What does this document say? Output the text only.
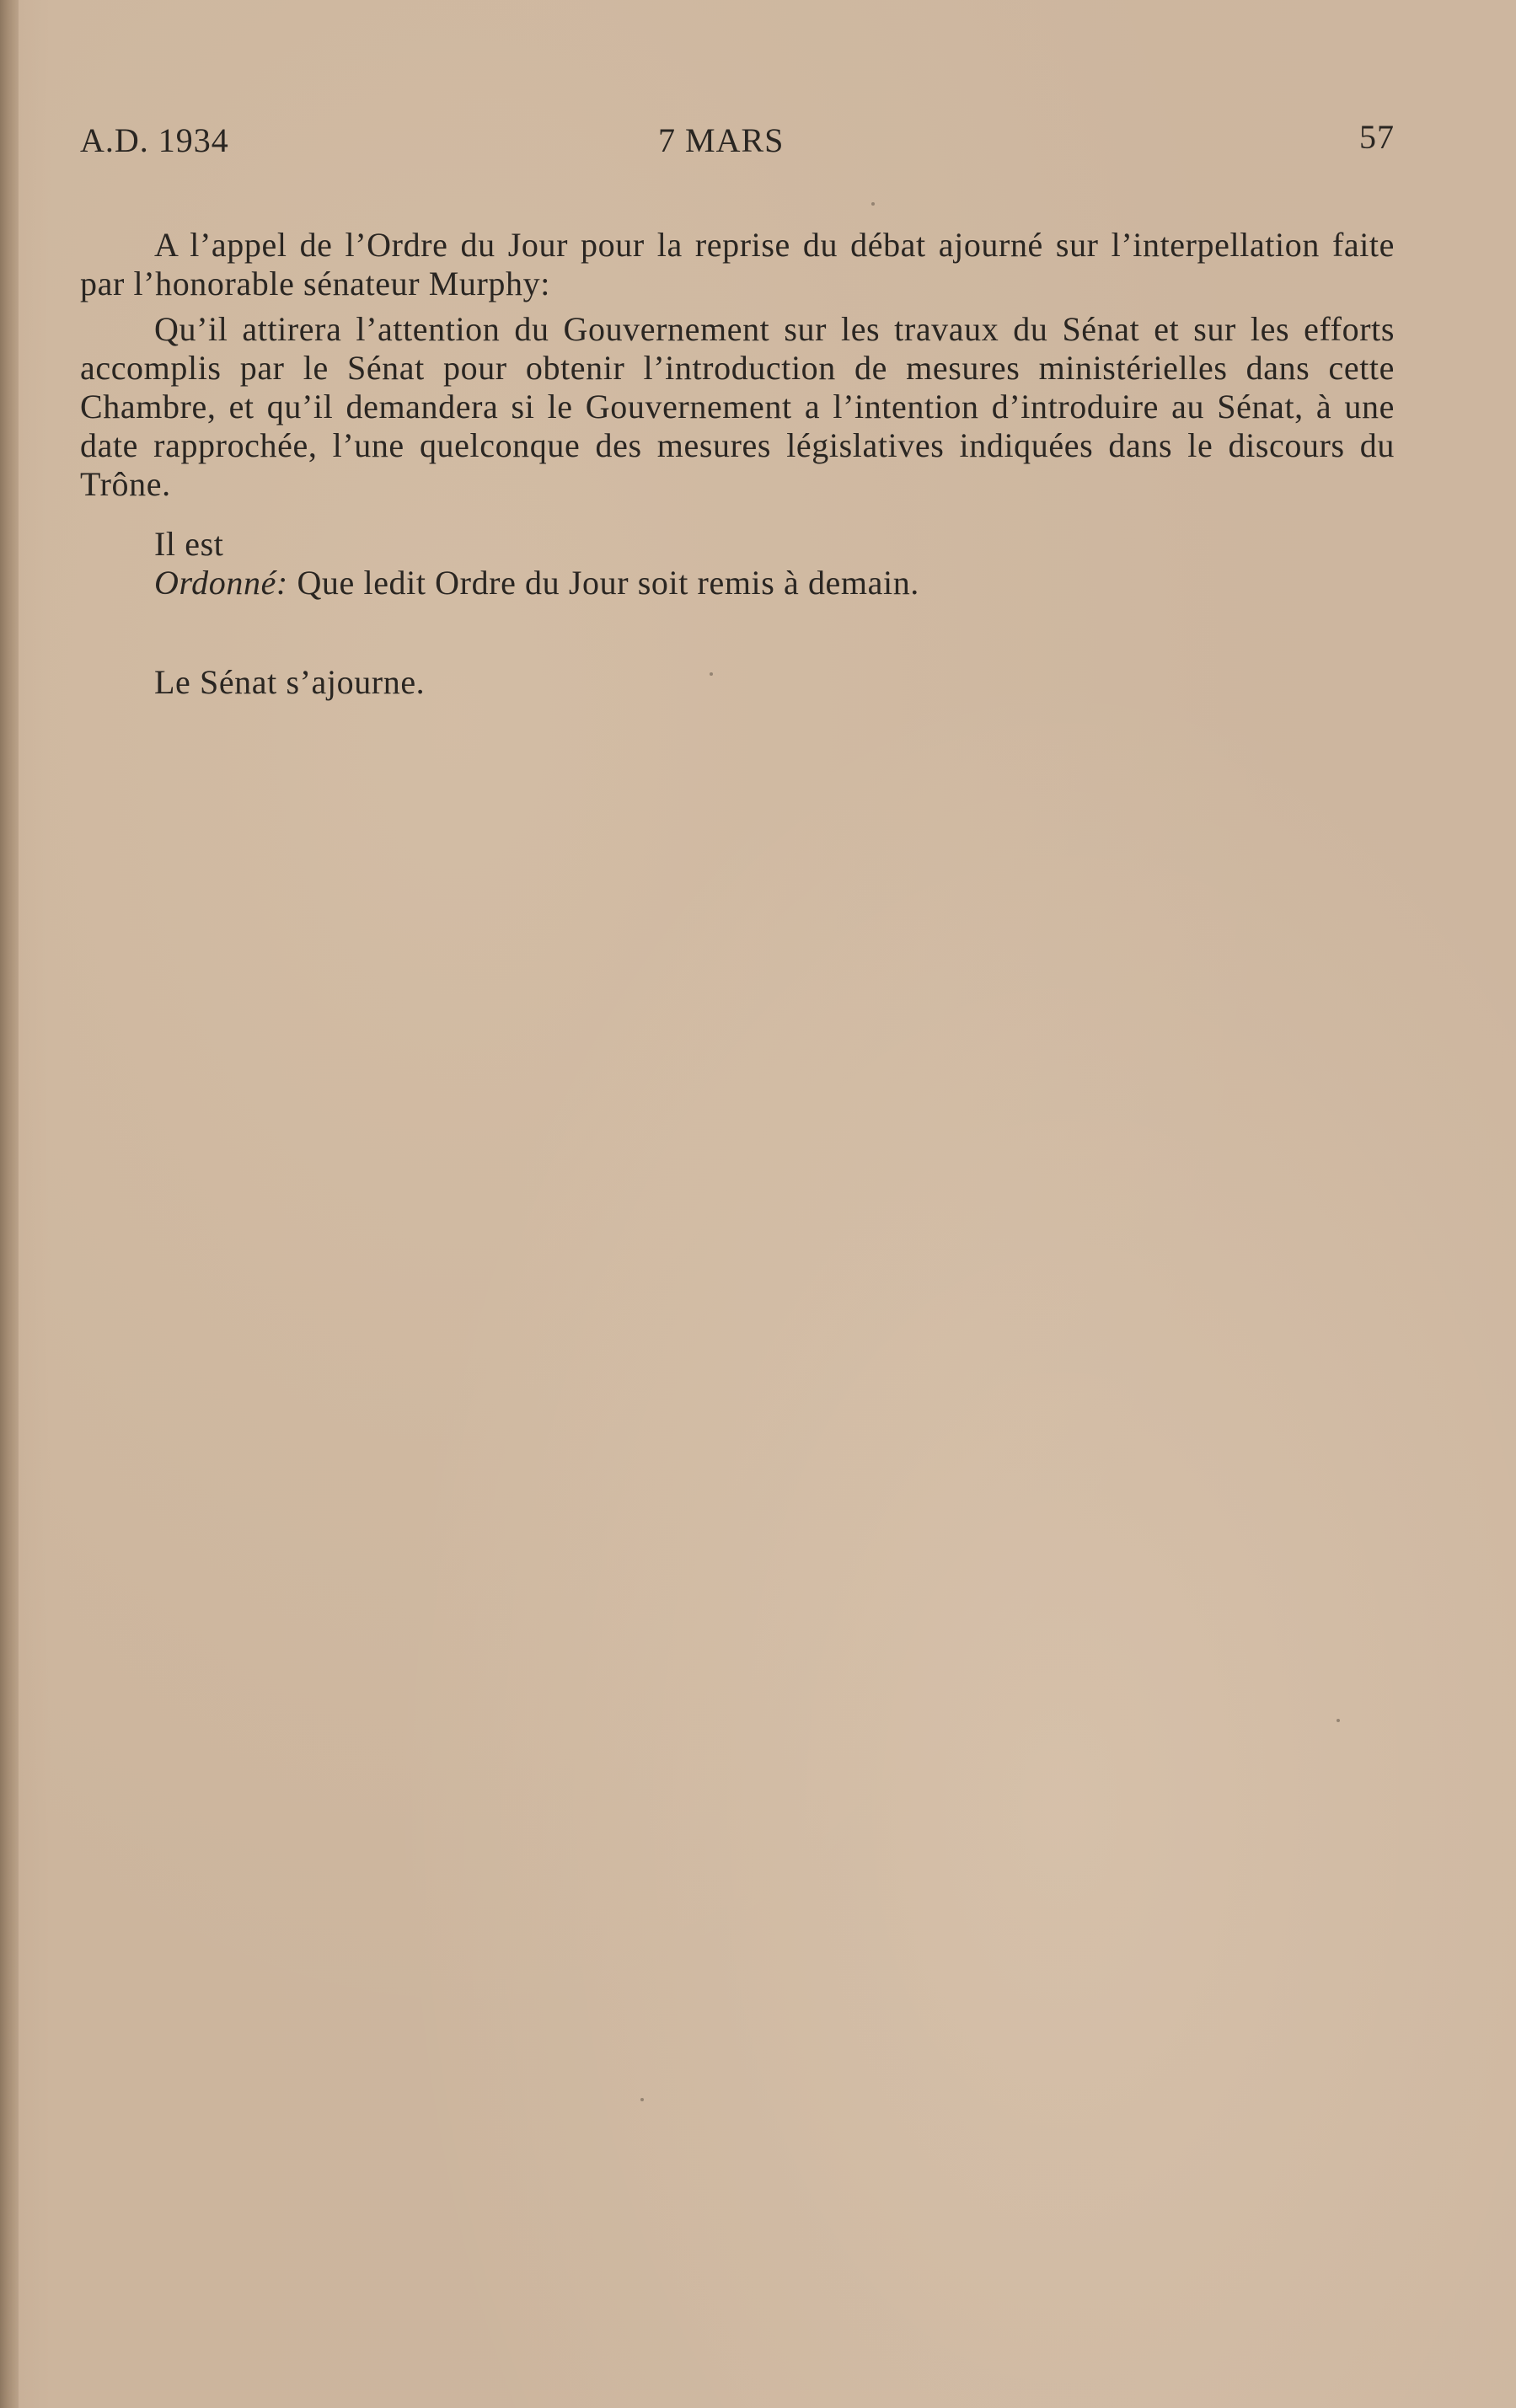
A.D. 1934	7 MARS	57

A l’appel de l’Ordre du Jour pour la reprise du débat ajourné sur l’interpellation faite par l’honorable sénateur Murphy:

Qu’il attirera l’attention du Gouvernement sur les travaux du Sénat et sur les efforts accomplis par le Sénat pour obtenir l’introduction de mesures ministérielles dans cette Chambre, et qu’il demandera si le Gouvernement a l’intention d’introduire au Sénat, à une date rapprochée, l’une quelconque des mesures législatives indiquées dans le discours du Trône.

Il est
Ordonné: Que ledit Ordre du Jour soit remis à demain.
Le Sénat s’ajourne.
